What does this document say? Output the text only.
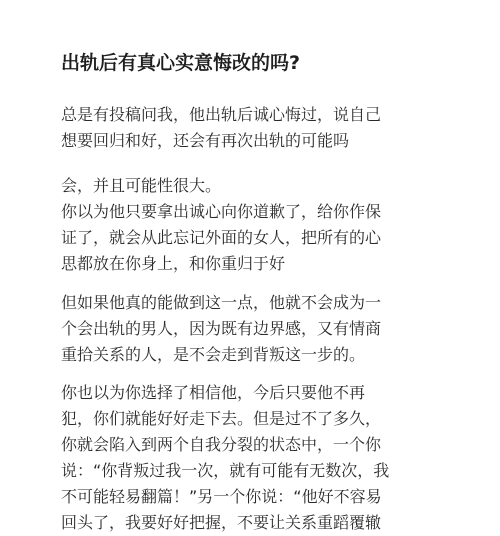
出轨后有真心实意悔改的吗?

总是有投稿问我，他出轨后诚心悔过，说自己
想要回归和好，还会有再次出轨的可能吗

会，并且可能性很大。
你以为他只要拿出诚心向你道歉了，给你作保
证了，就会从此忘记外面的女人，把所有的心
思都放在你身上，和你重归于好

但如果他真的能做到这一点，他就不会成为一
个会出轨的男人，因为既有边界感，又有情商
重拾关系的人，是不会走到背叛这一步的。

你也以为你选择了相信他，今后只要他不再
犯，你们就能好好走下去。但是过不了多久，
你就会陷入到两个自我分裂的状态中，一个你
说：“你背叛过我一次，就有可能有无数次，我
不可能轻易翻篇！”另一个你说：“他好不容易
回头了，我要好好把握，不要让关系重蹈覆辙
